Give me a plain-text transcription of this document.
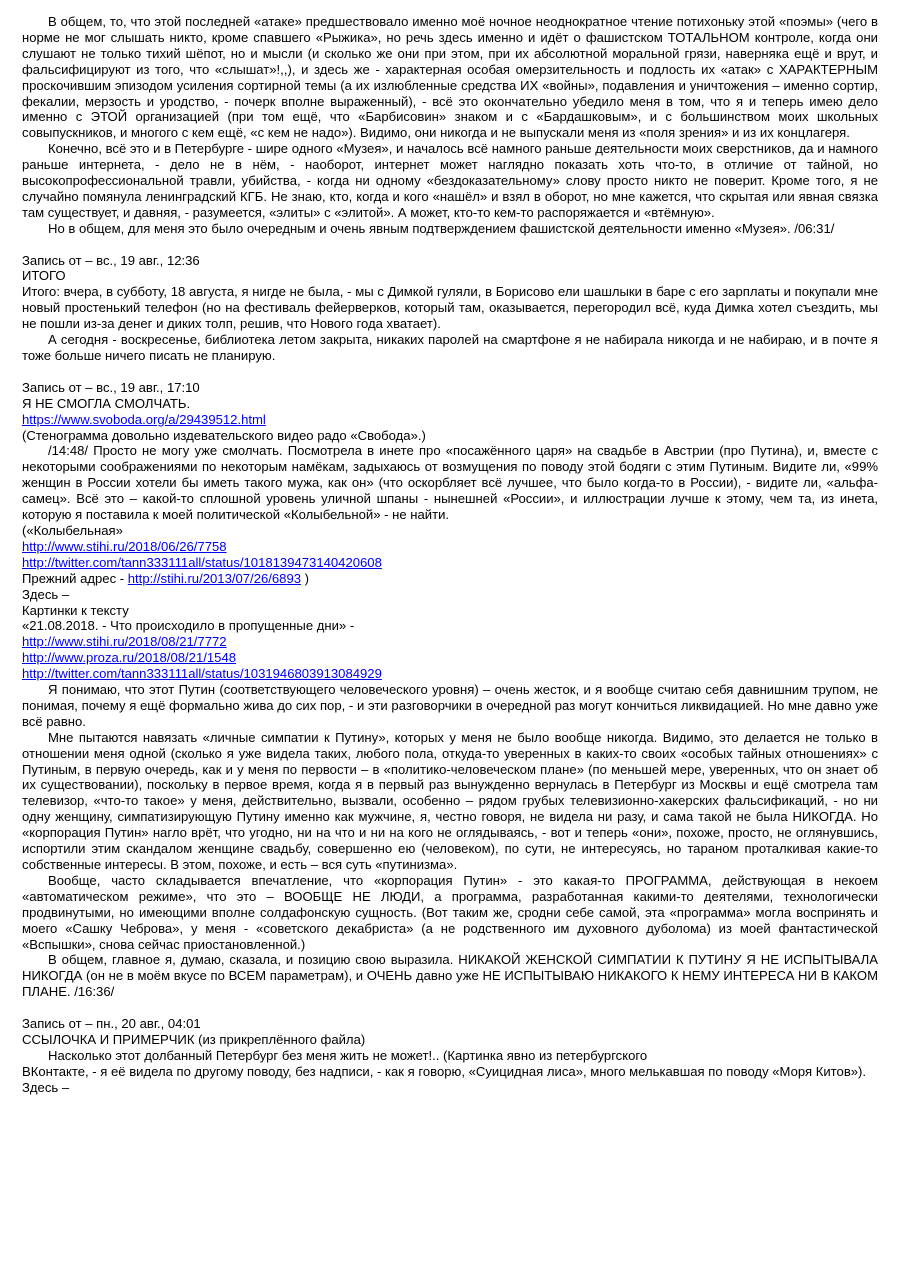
В общем, то, что этой последней «атаке» предшествовало именно моё ночное неоднократное чтение потихоньку этой «поэмы» (чего в норме не мог слышать никто, кроме спавшего «Рыжика», но речь здесь именно и идёт о фашистском ТОТАЛЬНОМ контроле, когда они слушают не только тихий шёпот, но и мысли (и сколько же они при этом, при их абсолютной моральной грязи, наверняка ещё и врут, и фальсифицируют из того, что «слышат»!,,), и здесь же - характерная особая омерзительность и подлость их «атак» с ХАРАКТЕРНЫМ проскочившим эпизодом усиления сортирной темы (а их излюбленные средства ИХ «войны», подавления и уничтожения – именно сортир, фекалии, мерзость и уродство, - почерк вполне выраженный), - всё это окончательно убедило меня в том, что я и теперь имею дело именно с ЭТОЙ организацией (при том ещё, что «Барбисовин» знаком и с «Бардашковым», и с большинством моих школьных совыпускников, и многого с кем ещё, «с кем не надо»). Видимо, они никогда и не выпускали меня из «поля зрения» и из их концлагеря.

Конечно, всё это и в Петербурге - шире одного «Музея», и началось всё намного раньше деятельности моих сверстников, да и намного раньше интернета, - дело не в нём, - наоборот, интернет может наглядно показать хоть что-то, в отличие от тайной, но высокопрофессиональной травли, убийства, - когда ни одному «бездоказательному» слову просто никто не поверит. Кроме того, я не случайно помянула ленинградский КГБ. Не знаю, кто, когда и кого «нашёл» и взял в оборот, но мне кажется, что скрытая или явная связка там существует, и давняя, - разумеется, «элиты» с «элитой». А может, кто-то кем-то распоряжается и «втёмную».

Но в общем, для меня это было очередным и очень явным подтверждением фашистской деятельности именно «Музея». /06:31/

Запись от – вс., 19 авг., 12:36
ИТОГО

Итого: вчера, в субботу, 18 августа, я нигде не была, - мы с Димкой гуляли, в Борисово ели шашлыки в баре с его зарплаты и покупали мне новый простенький телефон (но на фестиваль фейерверков, который там, оказывается, перегородил всё, куда Димка хотел съездить, мы не пошли из-за денег и диких толп, решив, что Нового года хватает).

А сегодня - воскресенье, библиотека летом закрыта, никаких паролей на смартфоне я не набирала никогда и не набираю, и в почте я тоже больше ничего писать не планирую.

Запись от – вс., 19 авг., 17:10
Я НЕ СМОГЛА СМОЛЧАТЬ.
https://www.svoboda.org/a/29439512.html
(Стенограмма довольно издевательского видео радо «Свобода».)

/14:48/ Просто не могу уже смолчать. Посмотрела в инете про «посажённого царя» на свадьбе в Австрии (про Путина), и, вместе с некоторыми соображениями по некоторым намёкам, задыхаюсь от возмущения по поводу этой бодяги с этим Путиным. Видите ли, «99% женщин в России хотели бы иметь такого мужа, как он» (что оскорбляет всё лучшее, что было когда-то в России), - видите ли, «альфа-самец». Всё это – какой-то сплошной уровень уличной шпаны - нынешней «России», и иллюстрации лучше к этому, чем та, из инета, которую я поставила к моей политической «Колыбельной» - не найти.

(«Колыбельная»
http://www.stihi.ru/2018/06/26/7758
http://twitter.com/tann333111all/status/1018139473140420608
Прежний адрес - http://stihi.ru/2013/07/26/6893 )
Здесь –
Картинки к тексту
«21.08.2018. - Что происходило в пропущенные дни» -
http://www.stihi.ru/2018/08/21/7772
http://www.proza.ru/2018/08/21/1548
http://twitter.com/tann333111all/status/1031946803913084929

Я понимаю, что этот Путин (соответствующего человеческого уровня) – очень жесток, и я вообще считаю себя давнишним трупом, не понимая, почему я ещё формально жива до сих пор, - и эти разговорчики в очередной раз могут кончиться ликвидацией. Но мне давно уже всё равно.

Мне пытаются навязать «личные симпатии к Путину», которых у меня не было вообще никогда. Видимо, это делается не только в отношении меня одной (сколько я уже видела таких, любого пола, откуда-то уверенных в каких-то своих «особых тайных отношениях» с Путиным, в первую очередь, как и у меня по первости – в «политико-человеческом плане» (по меньшей мере, уверенных, что он знает об их существовании), поскольку в первое время, когда я в первый раз вынужденно вернулась в Петербург из Москвы и ещё смотрела там телевизор, «что-то такое» у меня, действительно, вызвали, особенно – рядом грубых телевизионно-хакерских фальсификаций, - но ни одну женщину, симпатизирующую Путину именно как мужчине, я, честно говоря, не видела ни разу, и сама такой не была НИКОГДА. Но «корпорация Путин» нагло врёт, что угодно, ни на что и ни на кого не оглядываясь, - вот и теперь «они», похоже, просто, не оглянувшись, испортили этим скандалом женщине свадьбу, совершенно ею (человеком), по сути, не интересуясь, но тараном проталкивая какие-то собственные интересы. В этом, похоже, и есть – вся суть «путинизма».

Вообще, часто складывается впечатление, что «корпорация Путин» - это какая-то ПРОГРАММА, действующая в некоем «автоматическом режиме», что это – ВООБЩЕ НЕ ЛЮДИ, а программа, разработанная какими-то деятелями, технологически продвинутыми, но имеющими вполне солдафонскую сущность. (Вот таким же, сродни себе самой, эта «программа» могла воспринять и моего «Сашку Чеброва», у меня - «советского декабриста» (а не родственного им духовного дуболома) из моей фантастической «Вспышки», снова сейчас приостановленной.)

В общем, главное я, думаю, сказала, и позицию свою выразила. НИКАКОЙ ЖЕНСКОЙ СИМПАТИИ К ПУТИНУ Я НЕ ИСПЫТЫВАЛА НИКОГДА (он не в моём вкусе по ВСЕМ параметрам), и ОЧЕНЬ давно уже НЕ ИСПЫТЫВАЮ НИКАКОГО К НЕМУ ИНТЕРЕСА НИ В КАКОМ ПЛАНЕ. /16:36/

Запись от – пн., 20 авг., 04:01
ССЫЛОЧКА И ПРИМЕРЧИК (из прикреплённого файла)

Насколько этот долбанный Петербург без меня жить не может!.. (Картинка явно из петербургского

ВКонтакте, - я её видела по другому поводу, без надписи, - как я говорю, «Суицидная лиса», много мелькавшая по поводу «Моря Китов»).

Здесь –
